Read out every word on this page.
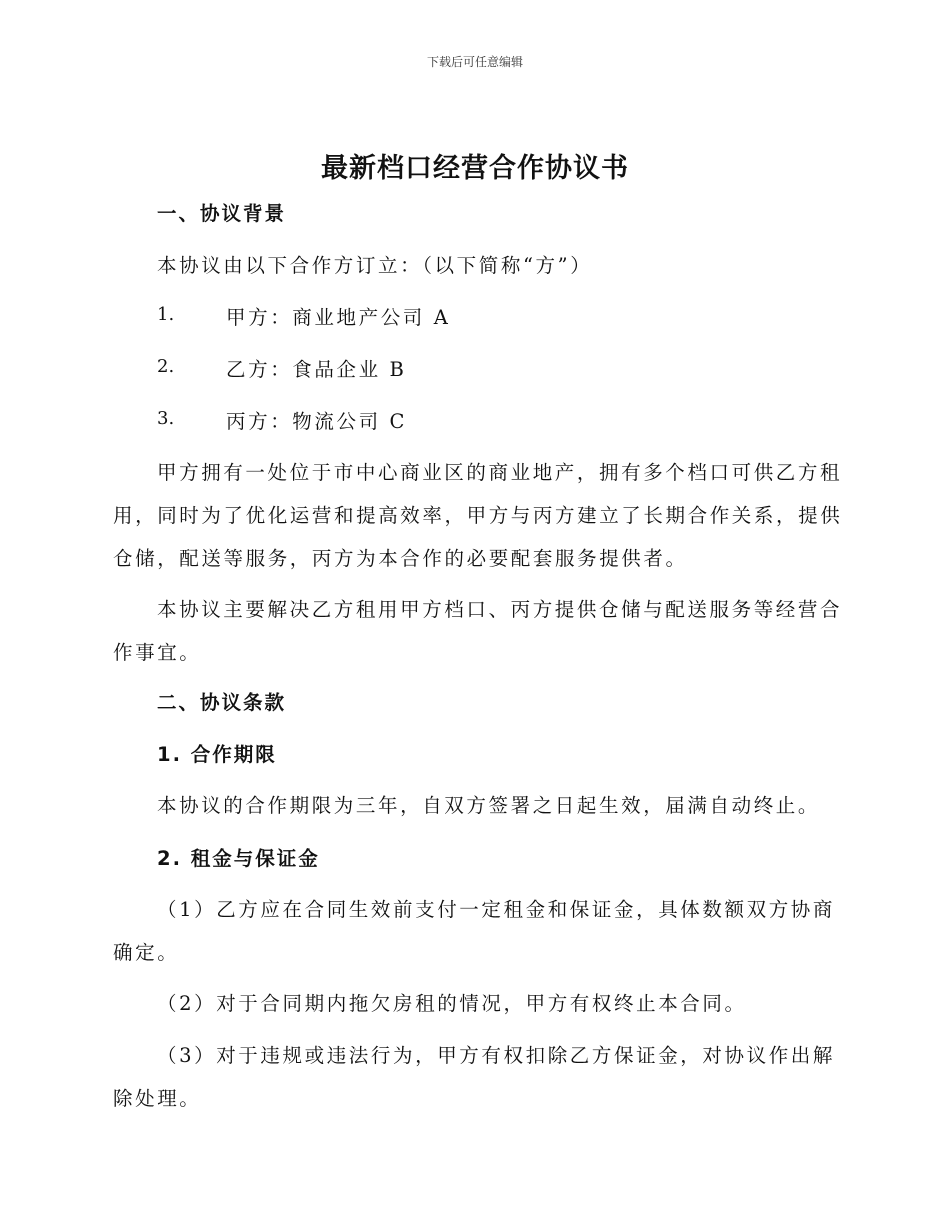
下载后可任意编辑
最新档口经营合作协议书
一、协议背景
本协议由以下合作方订立：（以下简称“方”）
1.	甲方：商业地产公司 A
2.	乙方：食品企业 B
3.	丙方：物流公司 C
甲方拥有一处位于市中心商业区的商业地产，拥有多个档口可供乙方租
用，同时为了优化运营和提高效率，甲方与丙方建立了长期合作关系，提供
仓储，配送等服务，丙方为本合作的必要配套服务提供者。
本协议主要解决乙方租用甲方档口、丙方提供仓储与配送服务等经营合
作事宜。
二、协议条款
1. 合作期限
本协议的合作期限为三年，自双方签署之日起生效，届满自动终止。
2. 租金与保证金
（1）乙方应在合同生效前支付一定租金和保证金，具体数额双方协商
确定。
（2）对于合同期内拖欠房租的情况，甲方有权终止本合同。
（3）对于违规或违法行为，甲方有权扣除乙方保证金，对协议作出解
除处理。
